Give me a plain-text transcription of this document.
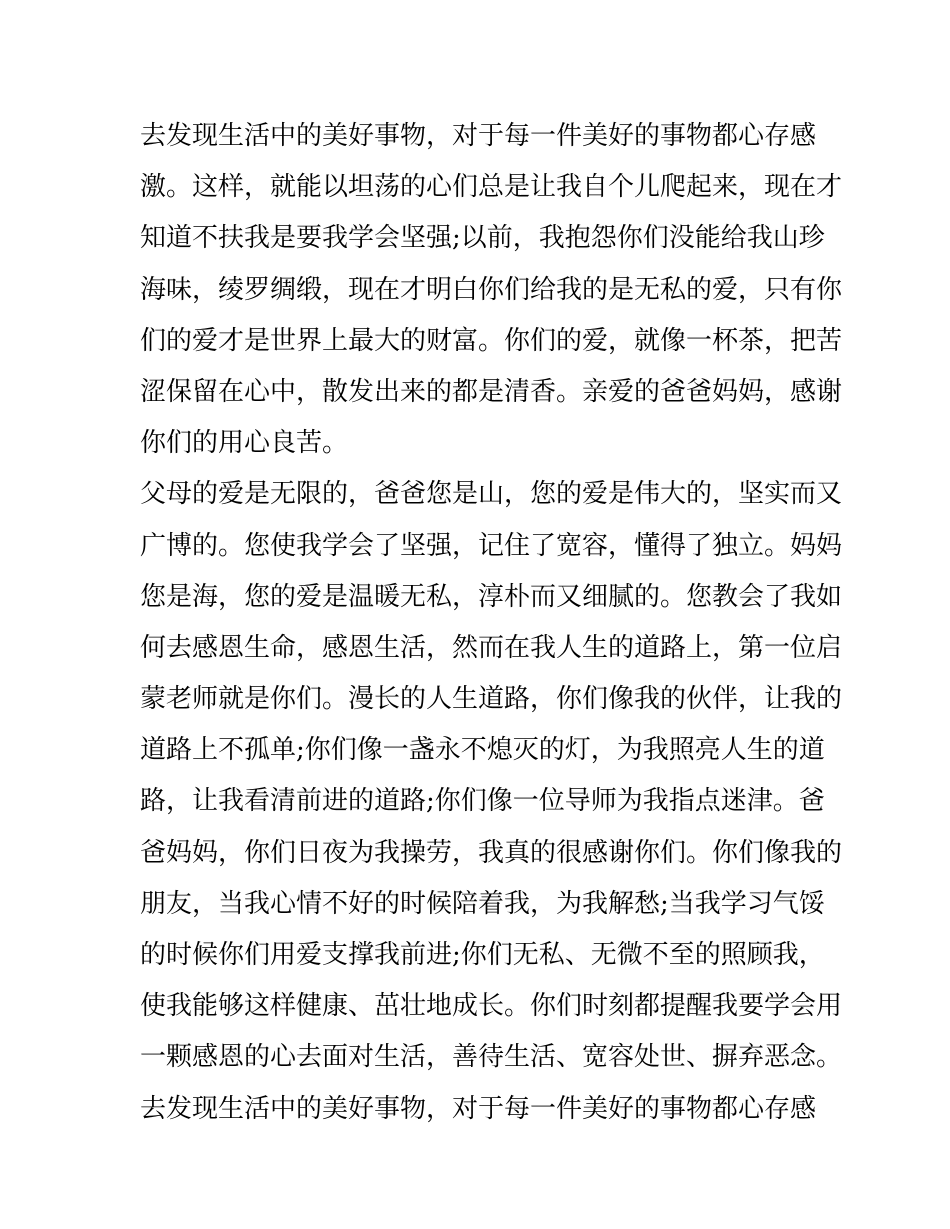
去发现生活中的美好事物，对于每一件美好的事物都心存感
激。这样，就能以坦荡的心们总是让我自个儿爬起来，现在才
知道不扶我是要我学会坚强;以前，我抱怨你们没能给我山珍
海味，绫罗绸缎，现在才明白你们给我的是无私的爱，只有你
们的爱才是世界上最大的财富。你们的爱，就像一杯茶，把苦
涩保留在心中，散发出来的都是清香。亲爱的爸爸妈妈，感谢
你们的用心良苦。
父母的爱是无限的，爸爸您是山，您的爱是伟大的，坚实而又
广博的。您使我学会了坚强，记住了宽容，懂得了独立。妈妈
您是海，您的爱是温暖无私，淳朴而又细腻的。您教会了我如
何去感恩生命，感恩生活，然而在我人生的道路上，第一位启
蒙老师就是你们。漫长的人生道路，你们像我的伙伴，让我的
道路上不孤单;你们像一盏永不熄灭的灯，为我照亮人生的道
路，让我看清前进的道路;你们像一位导师为我指点迷津。爸
爸妈妈，你们日夜为我操劳，我真的很感谢你们。你们像我的
朋友，当我心情不好的时候陪着我，为我解愁;当我学习气馁
的时候你们用爱支撑我前进;你们无私、无微不至的照顾我，
使我能够这样健康、茁壮地成长。你们时刻都提醒我要学会用
一颗感恩的心去面对生活，善待生活、宽容处世、摒弃恶念。
去发现生活中的美好事物，对于每一件美好的事物都心存感
